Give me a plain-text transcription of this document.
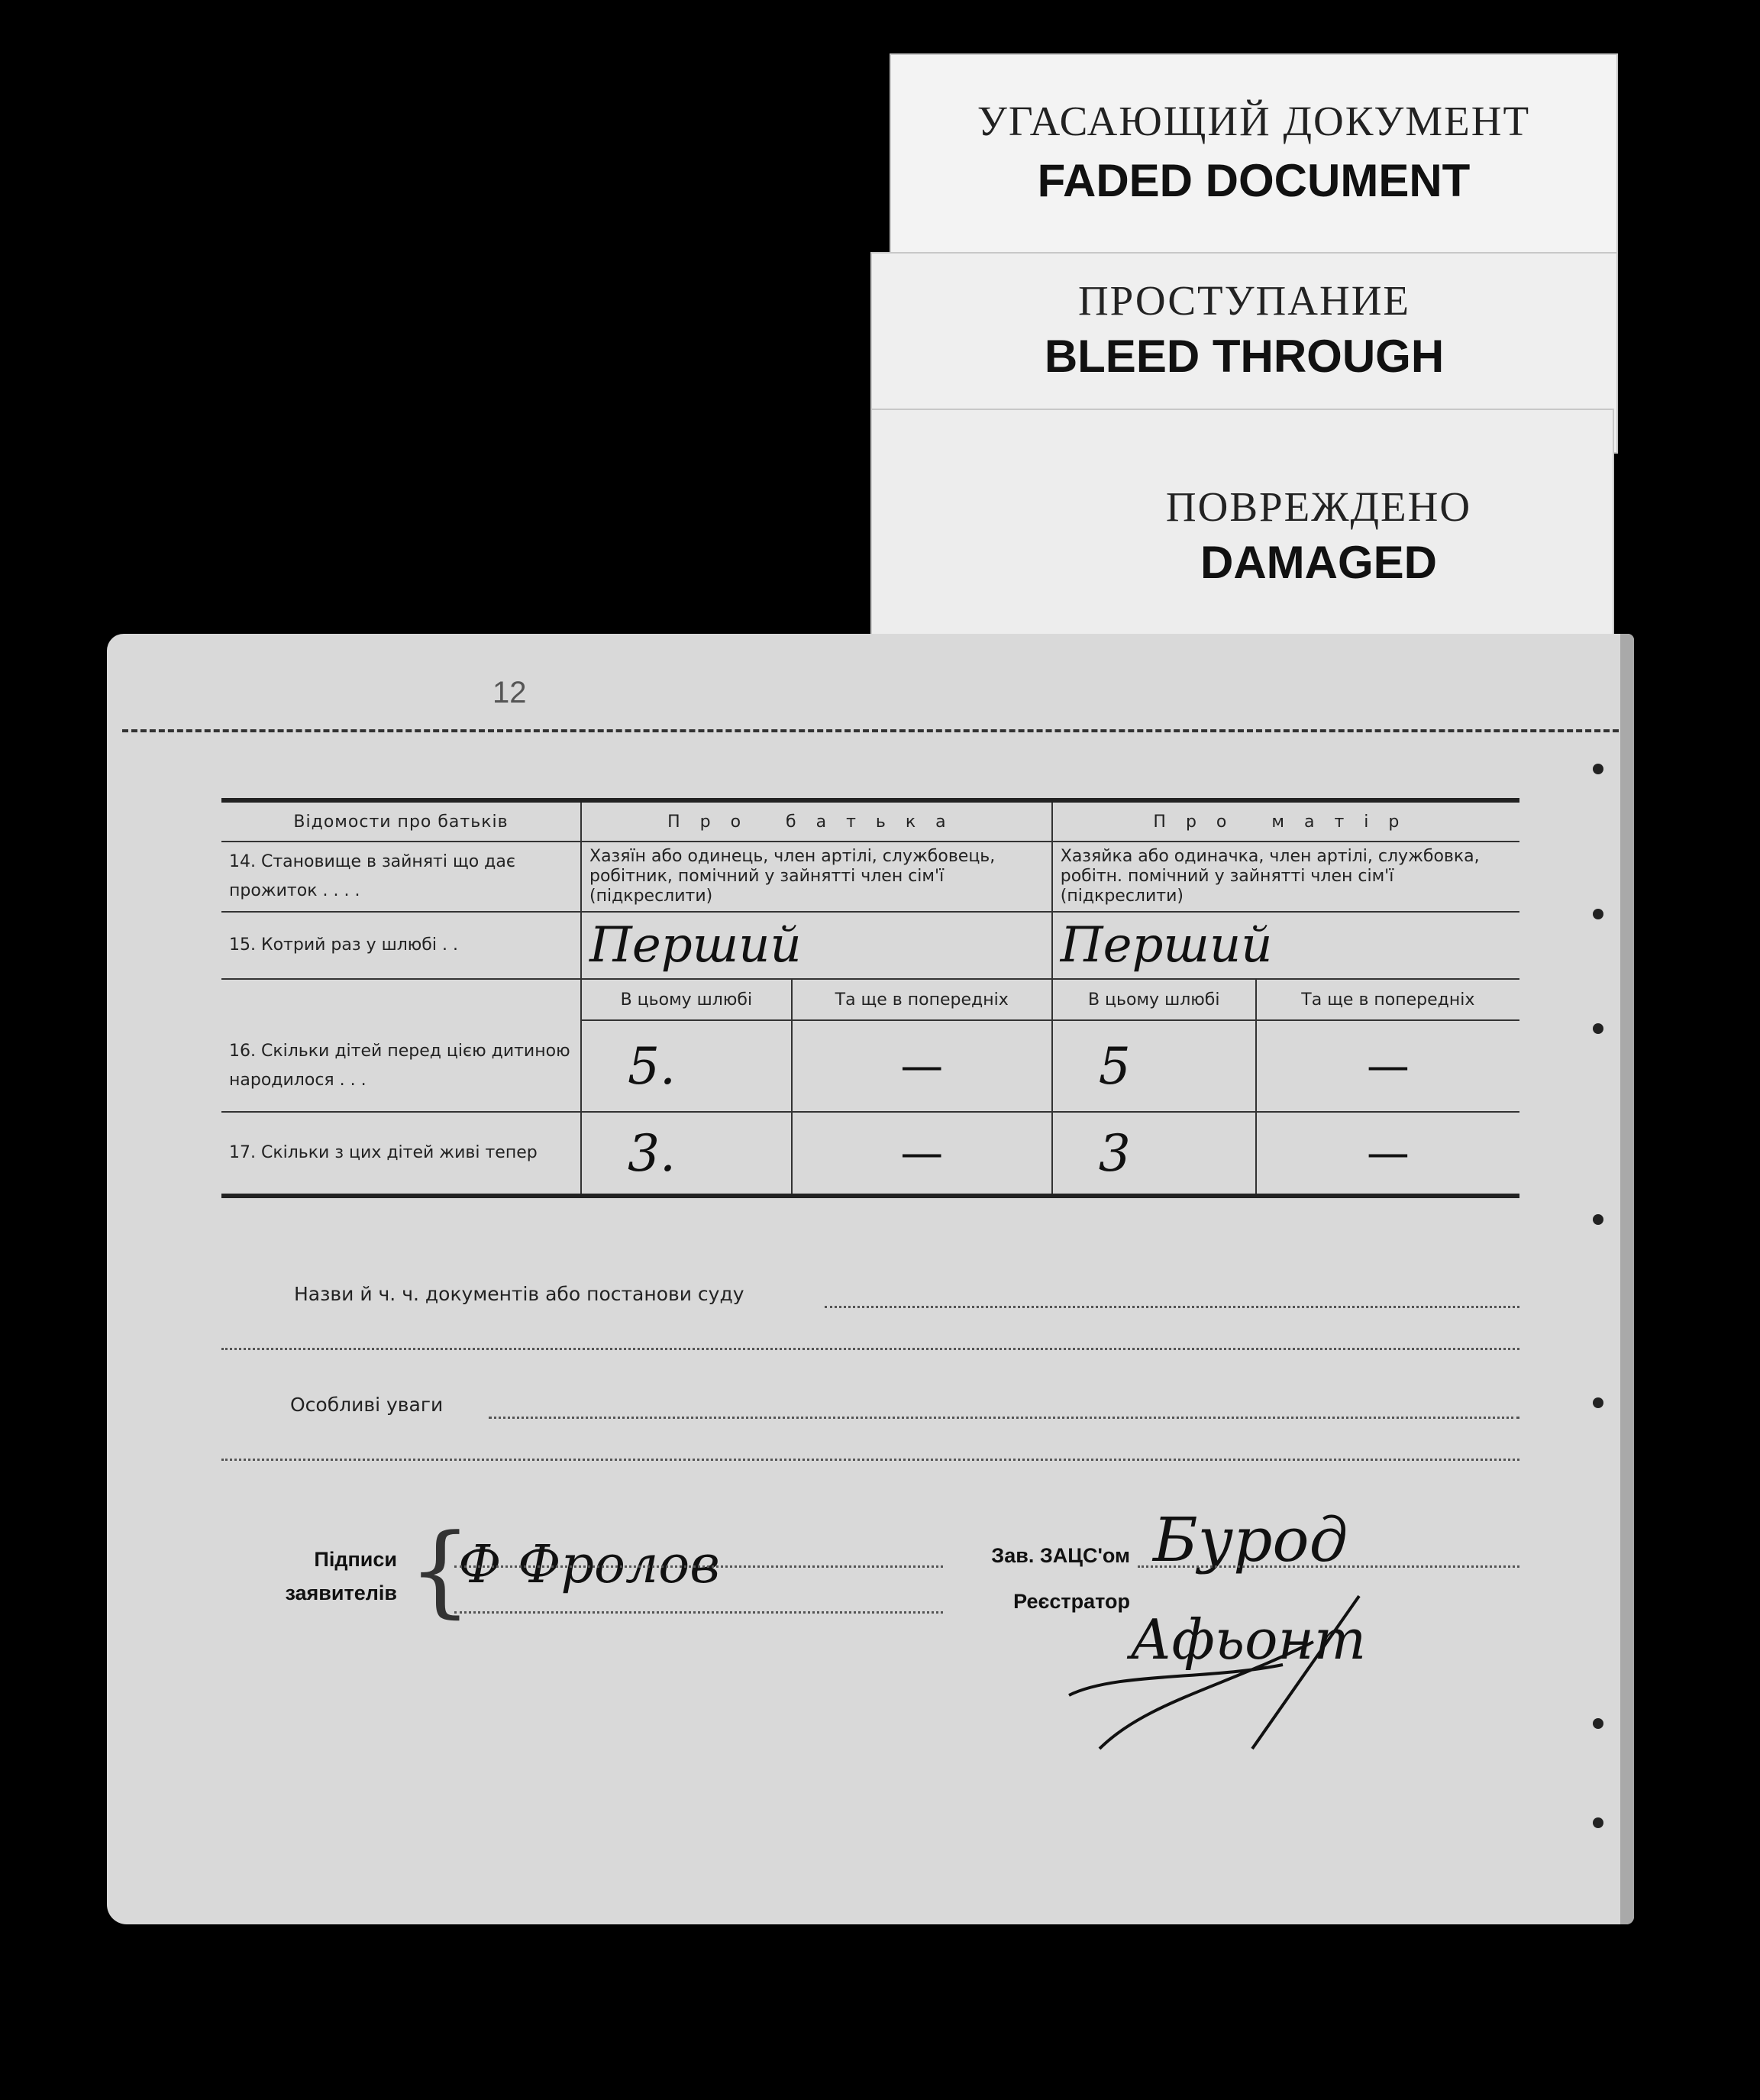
УГАСАЮЩИЙ ДОКУМЕНТ
FADED DOCUMENT
ПРОСТУПАНИЕ
BLEED THROUGH
ПОВРЕЖДЕНО
DAMAGED
12
Відомости про батьків	Про батька		Про матір	
14. Становище в зайняті що дає прожиток . . . .	Хазяїн або одинець, член артілі, службовець, робітник, помічний у зайнятті член сім'ї (підкреслити)		Хазяйка або одиначка, член артілі, службовка, робітн. помічний у зайнятті член сім'ї (підкреслити)	
15. Котрий раз у шлюбі . .	Перший		Перший	
16. Скільки дітей перед цією дитиною народилося . . .	В цьому шлюбі	Та ще в попередніх	В цьому шлюбі	Та ще в попередніх
	5.	—	5	—
17. Скільки з цих дітей живі тепер	3.	—	3	—
Назви й ч. ч. документів або постанови суду
Особливі уваги
Підписи
заявителів {
Ф Фролов	Зав. ЗАЦС'ом Бурод
Реєстратор
Афьонт
